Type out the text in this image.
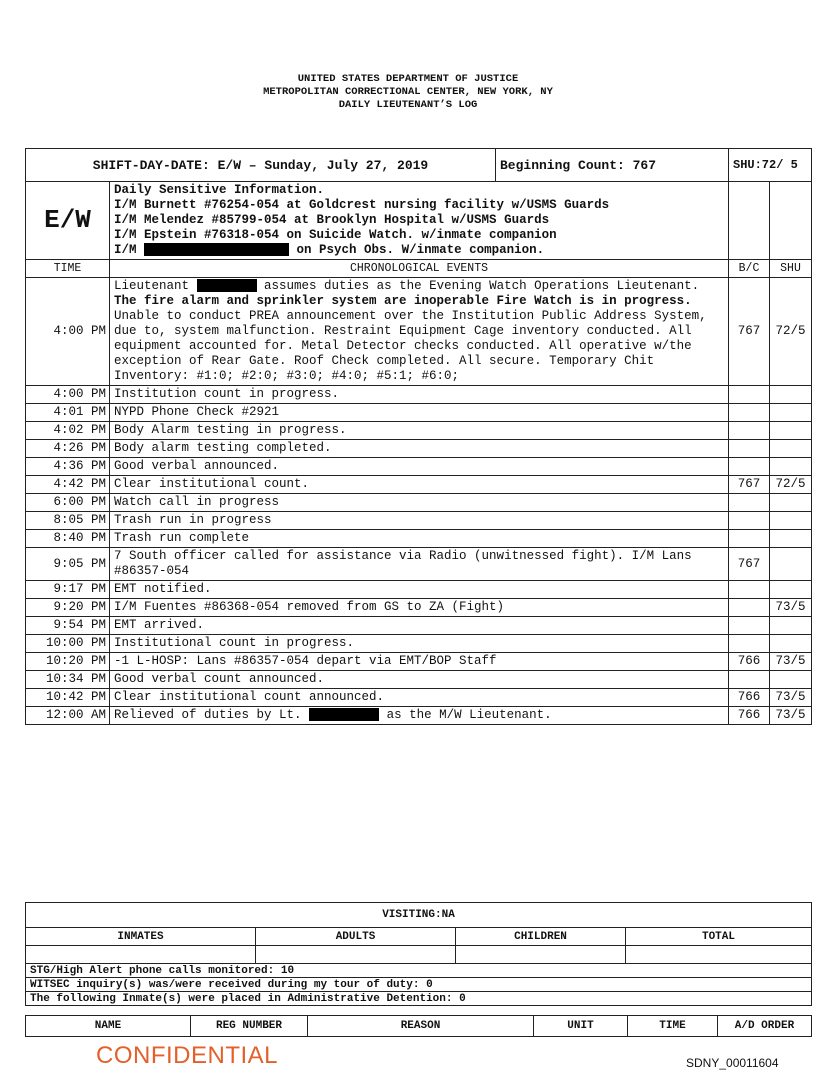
UNITED STATES DEPARTMENT OF JUSTICE
METROPOLITAN CORRECTIONAL CENTER, NEW YORK, NY
DAILY LIEUTENANT’S LOG
SHIFT-DAY-DATE: E/W – Sunday, July 27, 2019		Beginning Count: 767	SHU:72/ 5	
E/W	Daily Sensitive Information.
I/M Burnett #76254-054 at Goldcrest nursing facility w/USMS Guards
I/M Melendez #85799-054 at Brooklyn Hospital w/USMS Guards
I/M Epstein #76318-054 on Suicide Watch. w/inmate companion
I/M on Psych Obs. W/inmate companion.			

TIME	CHRONOLOGICAL EVENTS		B/C	SHU
4:00 PM	Lieutenant assumes duties as the Evening Watch Operations Lieutenant. The fire alarm and sprinkler system are inoperable Fire Watch is in progress. Unable to conduct PREA announcement over the Institution Public Address System, due to, system malfunction. Restraint Equipment Cage inventory conducted. All equipment accounted for. Metal Detector checks conducted. All operative w/the exception of Rear Gate. Roof Check completed. All secure. Temporary Chit Inventory: #1:0; #2:0; #3:0; #4:0; #5:1; #6:0;		767	72/5
4:00 PM	Institution count in progress.			
4:01 PM	NYPD Phone Check #2921			
4:02 PM	Body Alarm testing in progress.			
4:26 PM	Body alarm testing completed.			
4:36 PM	Good verbal announced.			
4:42 PM	Clear institutional count.		767	72/5
6:00 PM	Watch call in progress			
8:05 PM	Trash run in progress			
8:40 PM	Trash run complete			
9:05 PM	7 South officer called for assistance via Radio (unwitnessed fight). I/M Lans #86357-054		767	
9:17 PM	EMT notified.			
9:20 PM	I/M Fuentes #86368-054 removed from GS to ZA (Fight)			73/5
9:54 PM	EMT arrived.			
10:00 PM	Institutional count in progress.			
10:20 PM	-1 L-HOSP: Lans #86357-054 depart via EMT/BOP Staff		766	73/5
10:34 PM	Good verbal count announced.			
10:42 PM	Clear institutional count announced.		766	73/5
12:00 AM	Relieved of duties by Lt. as the M/W Lieutenant.		766	73/5
VISITING:NA			
INMATES	ADULTS	CHILDREN	TOTAL

STG/High Alert phone calls monitored: 10			
WITSEC inquiry(s) was/were received during my tour of duty: 0			
The following Inmate(s) were placed in Administrative Detention: 0			
NAME	REG NUMBER	REASON	UNIT	TIME	A/D ORDER
CONFIDENTIAL	SDNY_00011604
